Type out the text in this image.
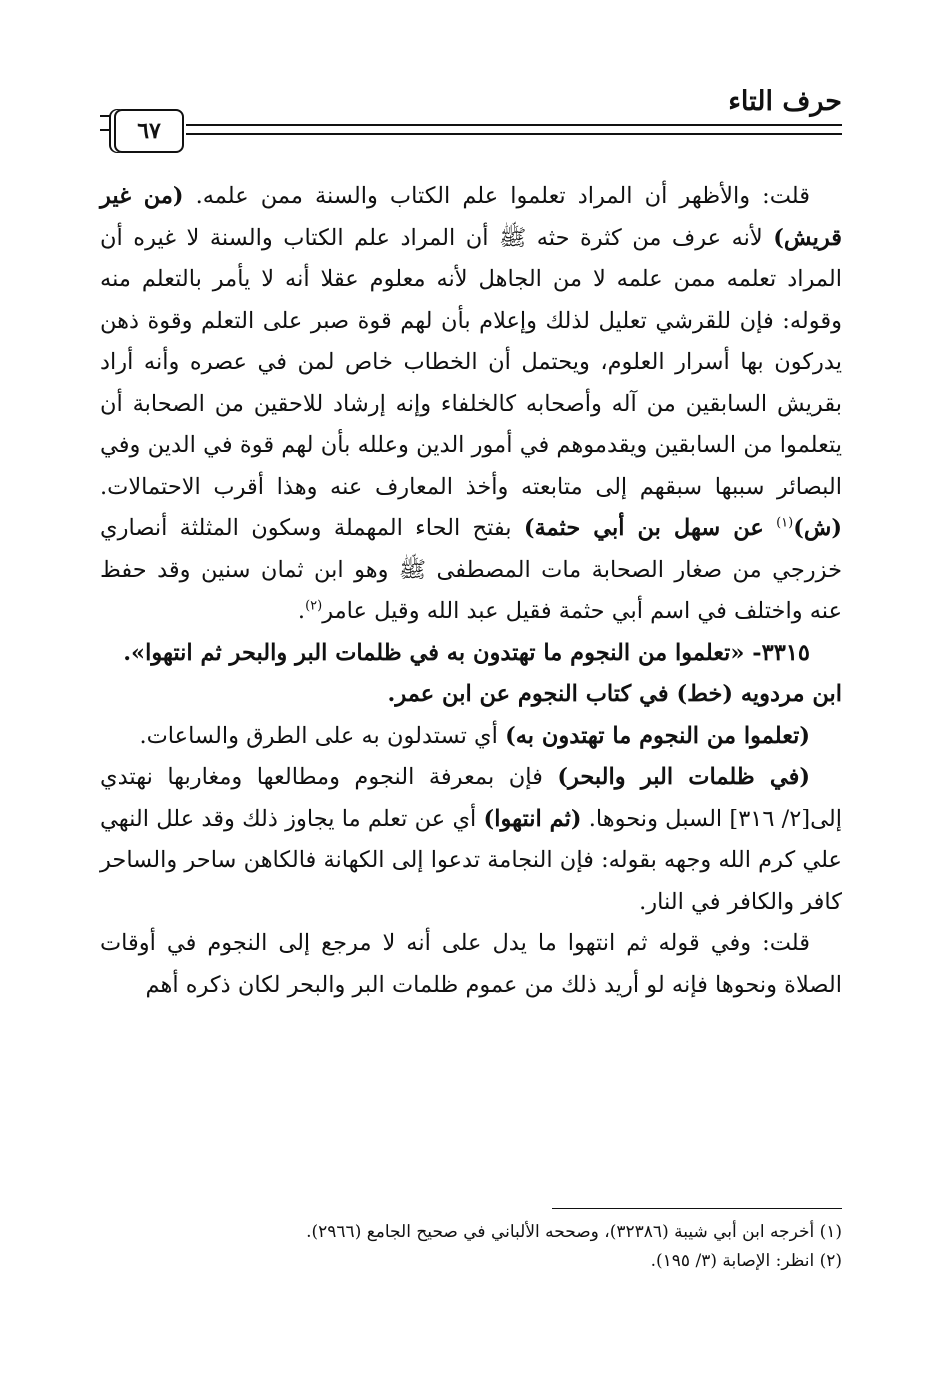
حرف التاء
٦٧

قلت: والأظهر أن المراد تعلموا علم الكتاب والسنة ممن علمه. (من غير قريش) لأنه عرف من كثرة حثه ﷺ أن المراد علم الكتاب والسنة لا غيره أن المراد تعلمه ممن علمه لا من الجاهل لأنه معلوم عقلا أنه لا يأمر بالتعلم منه وقوله: فإن للقرشي تعليل لذلك وإعلام بأن لهم قوة صبر على التعلم وقوة ذهن يدركون بها أسرار العلوم، ويحتمل أن الخطاب خاص لمن في عصره وأنه أراد بقريش السابقين من آله وأصحابه كالخلفاء وإنه إرشاد للاحقين من الصحابة أن يتعلموا من السابقين ويقدموهم في أمور الدين وعلله بأن لهم قوة في الدين وفي البصائر سببها سبقهم إلى متابعته وأخذ المعارف عنه وهذا أقرب الاحتمالات. (ش)$^{(١)}$ عن سهل بن أبي حثمة) بفتح الحاء المهملة وسكون المثلثة أنصاري خزرجي من صغار الصحابة مات المصطفى ﷺ وهو ابن ثمان سنين وقد حفظ عنه واختلف في اسم أبي حثمة فقيل عبد الله وقيل عامر$^{(٢)}$.

٣٣١٥- «تعلموا من النجوم ما تهتدون به في ظلمات البر والبحر ثم انتهوا».

ابن مردويه (خط) في كتاب النجوم عن ابن عمر.

(تعلموا من النجوم ما تهتدون به) أي تستدلون به على الطرق والساعات.

(في ظلمات البر والبحر) فإن بمعرفة النجوم ومطالعها ومغاربها نهتدي إلى[٢/ ٣١٦] السبل ونحوها. (ثم انتهوا) أي عن تعلم ما يجاوز ذلك وقد علل النهي علي كرم الله وجهه بقوله: فإن النجامة تدعوا إلى الكهانة فالكاهن ساحر والساحر كافر والكافر في النار.

قلت: وفي قوله ثم انتهوا ما يدل على أنه لا مرجع إلى النجوم في أوقات الصلاة ونحوها فإنه لو أريد ذلك من عموم ظلمات البر والبحر لكان ذكره أهم

(١) أخرجه ابن أبي شيبة (٣٢٣٨٦)، وصححه الألباني في صحيح الجامع (٢٩٦٦).

(٢) انظر: الإصابة (٣/ ١٩٥).
